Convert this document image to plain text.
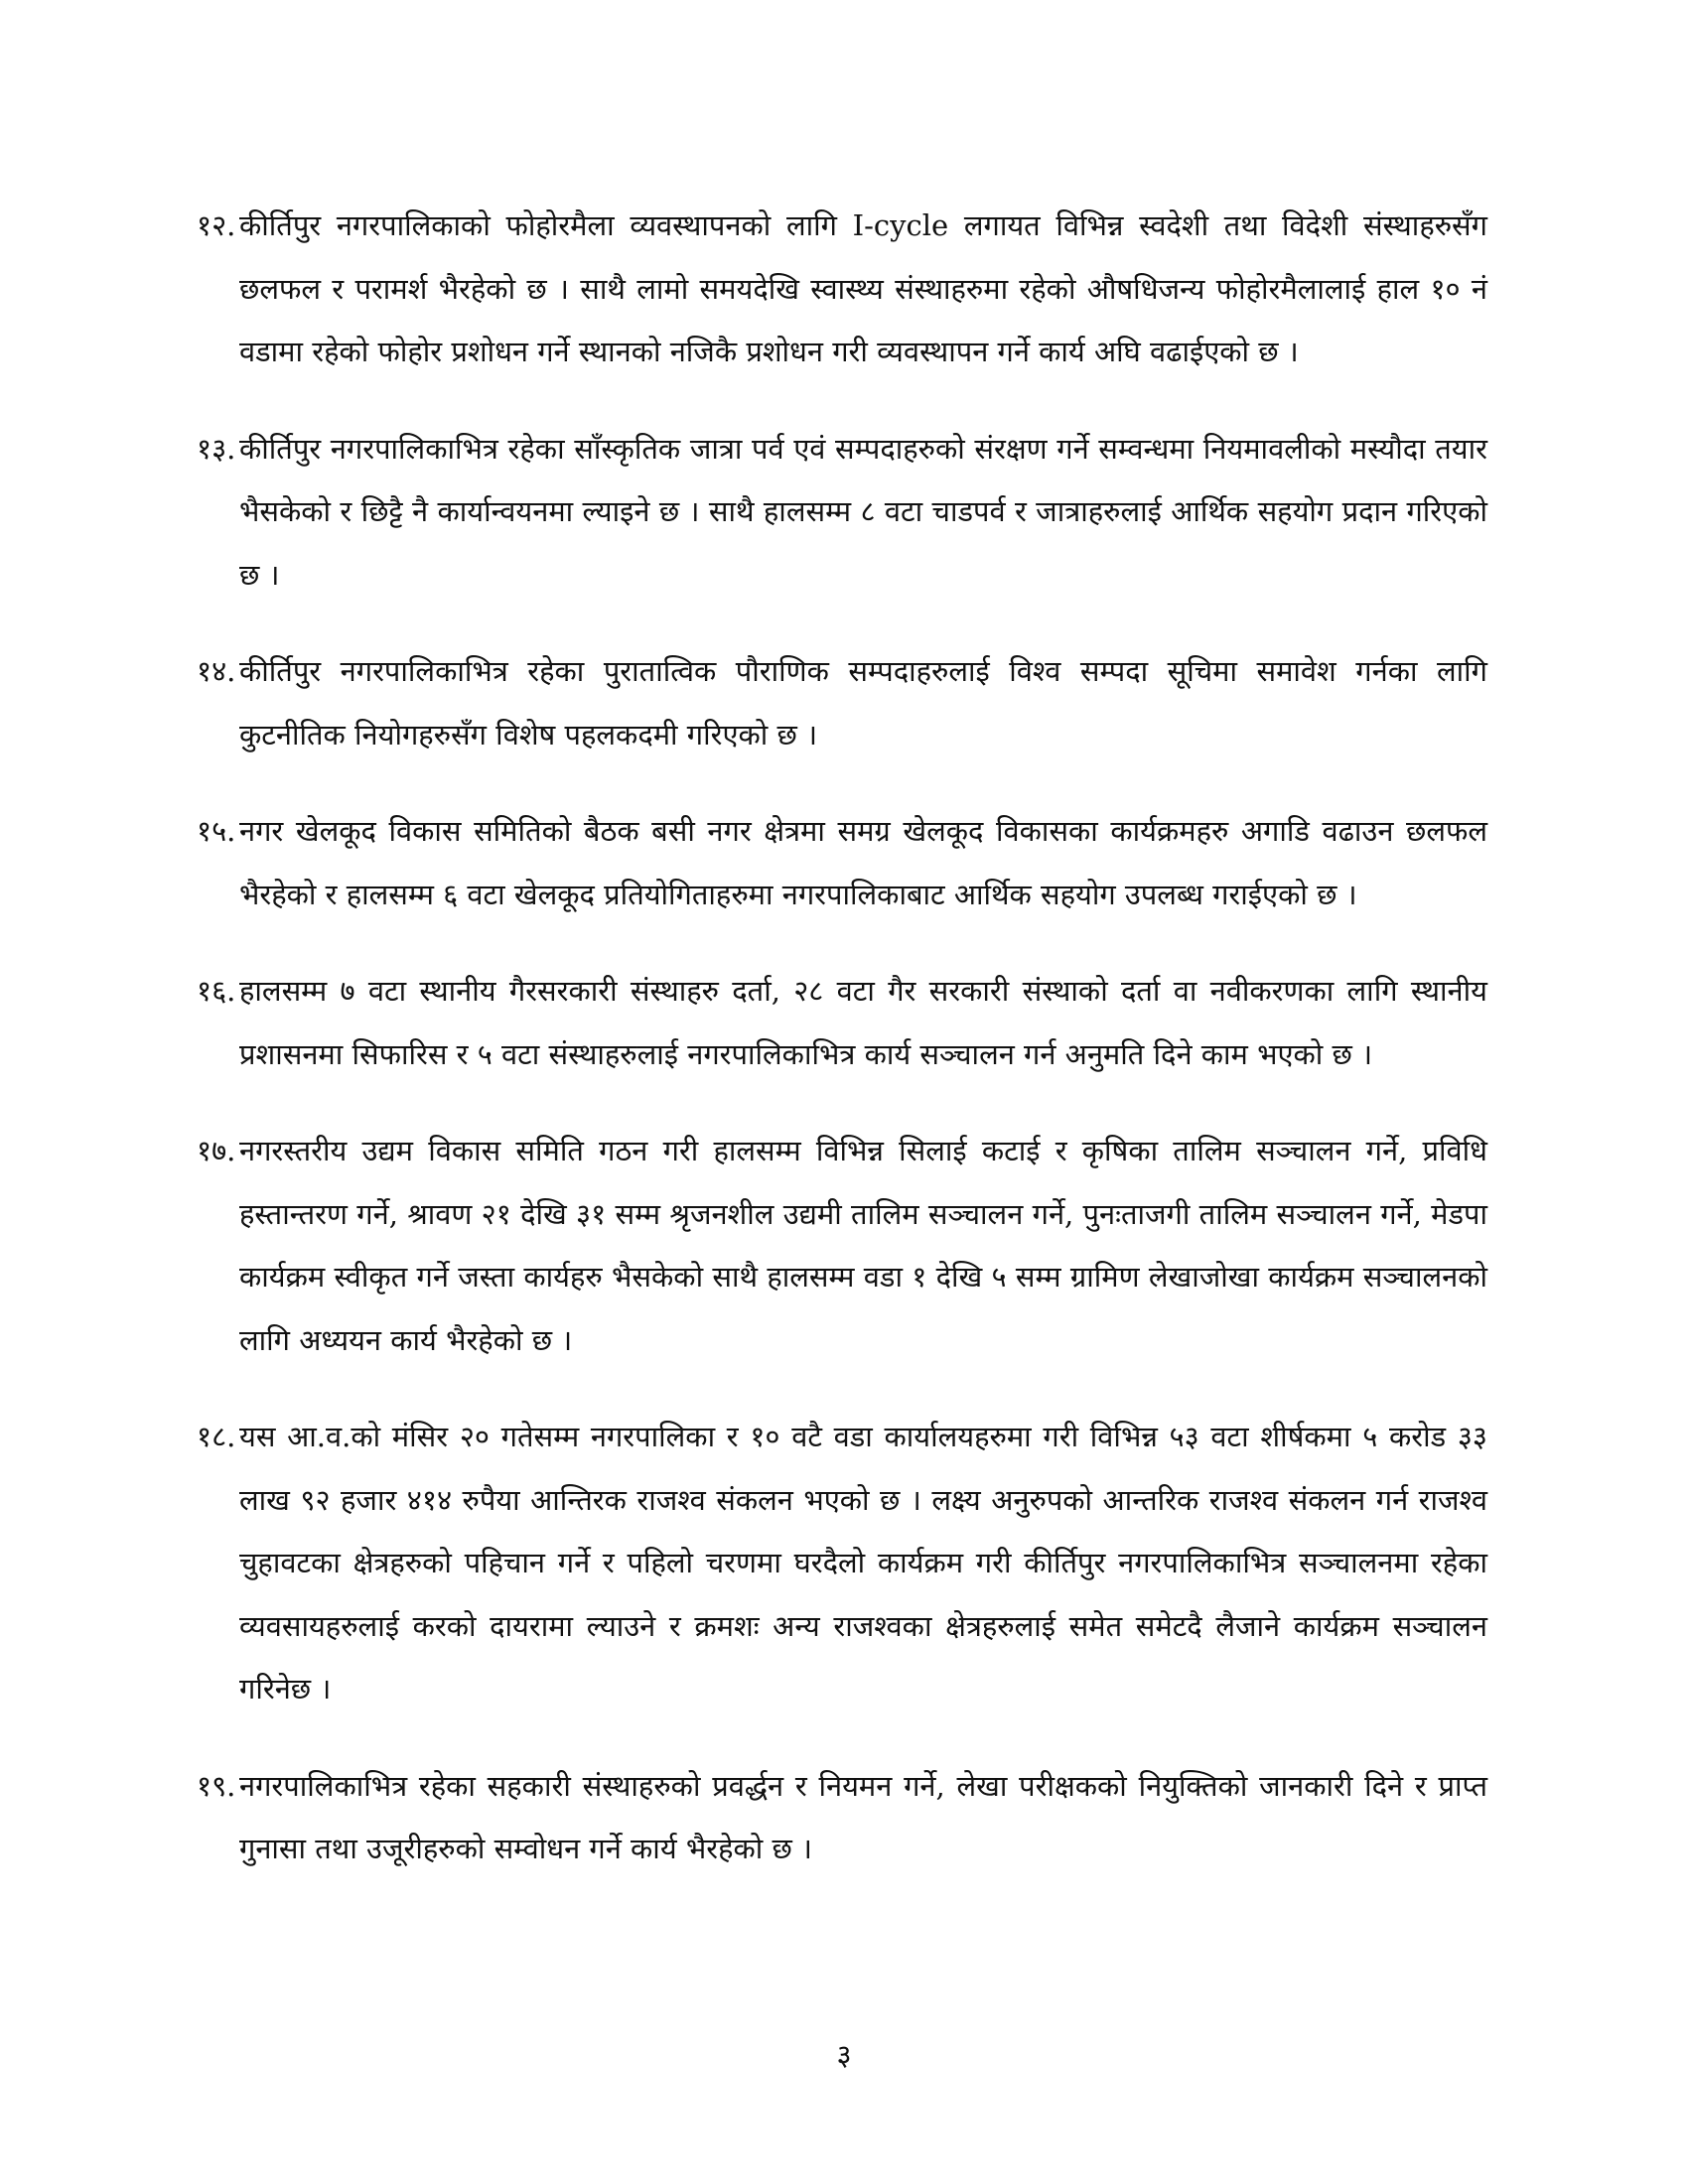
१२. कीर्तिपुर नगरपालिकाको फोहोरमैला व्यवस्थापनको लागि I-cycle लगायत विभिन्न स्वदेशी तथा विदेशी संस्थाहरुसँग छलफल र परामर्श भैरहेको छ । साथै लामो समयदेखि स्वास्थ्य संस्थाहरुमा रहेको औषधिजन्य फोहोरमैलालाई हाल १० नं वडामा रहेको फोहोर प्रशोधन गर्ने स्थानको नजिकै प्रशोधन गरी व्यवस्थापन गर्ने कार्य अघि वढाईएको छ ।
१३. कीर्तिपुर नगरपालिकाभित्र रहेका साँस्कृतिक जात्रा पर्व एवं सम्पदाहरुको संरक्षण गर्ने सम्वन्धमा नियमावलीको मस्यौदा तयार भैसकेको र छिट्टै नै कार्यान्वयनमा ल्याइने छ । साथै हालसम्म ८ वटा चाडपर्व र जात्राहरुलाई आर्थिक सहयोग प्रदान गरिएको छ ।
१४. कीर्तिपुर नगरपालिकाभित्र रहेका पुरातात्विक पौराणिक सम्पदाहरुलाई विश्व सम्पदा सूचिमा समावेश गर्नका लागि कुटनीतिक नियोगहरुसँग विशेष पहलकदमी गरिएको छ ।
१५. नगर खेलकूद विकास समितिको बैठक बसी नगर क्षेत्रमा समग्र खेलकूद विकासका कार्यक्रमहरु अगाडि वढाउन छलफल भैरहेको र हालसम्म ६ वटा खेलकूद प्रतियोगिताहरुमा नगरपालिकाबाट आर्थिक सहयोग उपलब्ध गराईएको छ ।
१६. हालसम्म ७ वटा स्थानीय गैरसरकारी संस्थाहरु दर्ता, २८ वटा गैर सरकारी संस्थाको दर्ता वा नवीकरणका लागि स्थानीय प्रशासनमा सिफारिस र ५ वटा संस्थाहरुलाई नगरपालिकाभित्र कार्य सञ्चालन गर्न अनुमति दिने काम भएको छ ।
१७. नगरस्तरीय उद्यम विकास समिति गठन गरी हालसम्म विभिन्न सिलाई कटाई र कृषिका तालिम सञ्चालन गर्ने, प्रविधि हस्तान्तरण गर्ने, श्रावण २१ देखि ३१ सम्म श्रृजनशील उद्यमी तालिम सञ्चालन गर्ने, पुनःताजगी तालिम सञ्चालन गर्ने, मेडपा कार्यक्रम स्वीकृत गर्ने जस्ता कार्यहरु भैसकेको साथै हालसम्म वडा १ देखि ५ सम्म ग्रामिण लेखाजोखा कार्यक्रम सञ्चालनको लागि अध्ययन कार्य भैरहेको छ ।
१८. यस आ.व.को मंसिर २० गतेसम्म नगरपालिका र १० वटै वडा कार्यालयहरुमा गरी विभिन्न ५३ वटा शीर्षकमा ५ करोड ३३ लाख ९२ हजार ४१४ रुपैया आन्तिरक राजश्व संकलन भएको छ । लक्ष्य अनुरुपको आन्तरिक राजश्व संकलन गर्न राजश्व चुहावटका क्षेत्रहरुको पहिचान गर्ने र पहिलो चरणमा घरदैलो कार्यक्रम गरी कीर्तिपुर नगरपालिकाभित्र सञ्चालनमा रहेका व्यवसायहरुलाई करको दायरामा ल्याउने र क्रमशः अन्य राजश्वका क्षेत्रहरुलाई समेत समेटदै लैजाने कार्यक्रम सञ्चालन गरिनेछ ।
१९. नगरपालिकाभित्र रहेका सहकारी संस्थाहरुको प्रवर्द्धन र नियमन गर्ने, लेखा परीक्षकको नियुक्तिको जानकारी दिने र प्राप्त गुनासा तथा उजूरीहरुको सम्वोधन गर्ने कार्य भैरहेको छ ।
३
